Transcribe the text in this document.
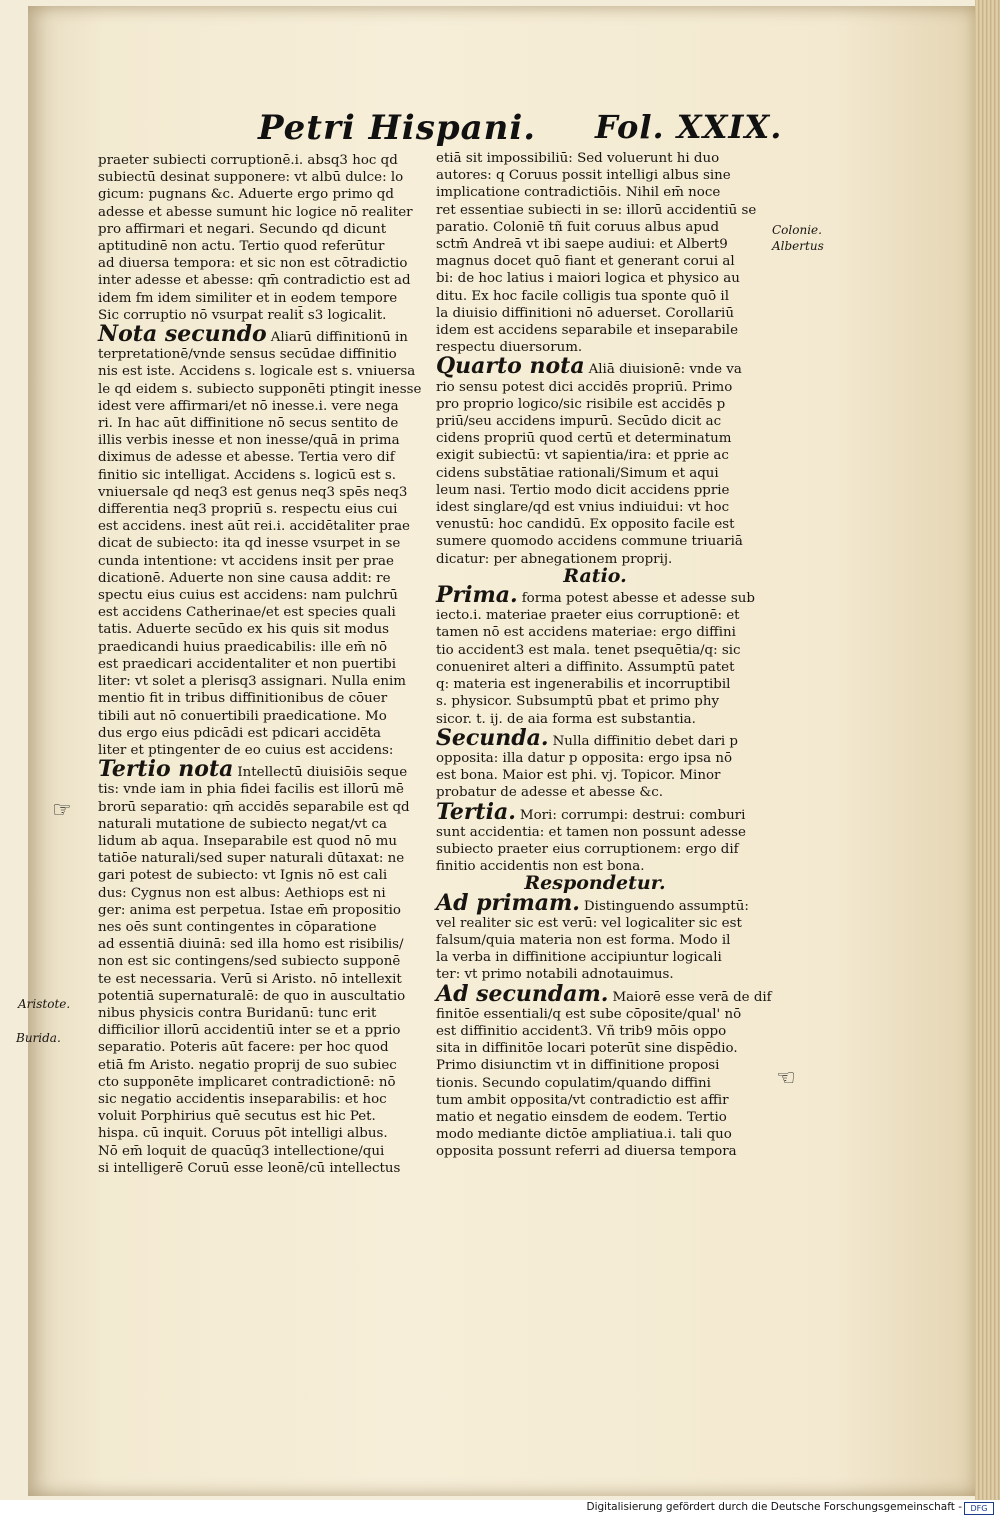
Petri Hispani. Fol. XXIX.

praeter subiecti corruptionē.i. absq3 hoc qd

subiectū desinat supponere: vt albū dulce: lo

gicum: pugnans &c. Aduerte ergo primo qd

adesse et abesse sumunt hic logice nō realiter

pro affirmari et negari. Secundo qd dicunt

aptitudinē non actu. Tertio quod referūtur

ad diuersa tempora: et sic non est cōtradictio

inter adesse et abesse: qm̄ contradictio est ad

idem fm idem similiter et in eodem tempore

Sic corruptio nō vsurpat realit̄ s3 logicalit.

Nota secundo Aliarū diffinitionū in

terpretationē/vnde sensus secūdae diffinitio

nis est iste. Accidens s. logicale est s. vniuersa

le qd eidem s. subiecto supponēti ptingit inesse

idest vere affirmari/et nō inesse.i. vere nega

ri. In hac aūt diffinitione nō secus sentito de

illis verbis inesse et non inesse/quā in prima

diximus de adesse et abesse. Tertia vero dif

finitio sic intelligat. Accidens s. logicū est s.

vniuersale qd neq3 est genus neq3 spēs neq3

differentia neq3 propriū s. respectu eius cui

est accidens. inest aūt rei.i. accidētaliter prae

dicat de subiecto: ita qd inesse vsurpet in se

cunda intentione: vt accidens insit per prae

dicationē. Aduerte non sine causa addit: re

spectu eius cuius est accidens: nam pulchrū

est accidens Catherinae/et est species quali

tatis. Aduerte secūdo ex his quis sit modus

praedicandi huius praedicabilis: ille em̄ nō

est praedicari accidentaliter et non puertibi

liter: vt solet a plerisq3 assignari. Nulla enim

mentio fit in tribus diffinitionibus de cōuer

tibili aut nō conuertibili praedicatione. Mo

dus ergo eius pdicādi est pdicari accidēta

liter et ptingenter de eo cuius est accidens:

Tertio nota Intellectū diuisiōis seque

tis: vnde iam in phia fidei facilis est illorū mē

brorū separatio: qm̄ accidēs separabile est qd

naturali mutatione de subiecto negat/vt ca

lidum ab aqua. Inseparabile est quod nō mu

tatiōe naturali/sed super naturali dūtaxat: ne

gari potest de subiecto: vt Ignis nō est cali

dus: Cygnus non est albus: Aethiops est ni

ger: anima est perpetua. Istae em̄ propositio

nes oēs sunt contingentes in cōparatione

ad essentiā diuinā: sed illa homo est risibilis/

non est sic contingens/sed subiecto supponē

te est necessaria. Verū si Aristo. nō intellexit

potentiā supernaturalē: de quo in auscultatio

nibus physicis contra Buridanū: tunc erit

difficilior illorū accidentiū inter se et a pprio

separatio. Poteris aūt facere: per hoc quod

etiā fm Aristo. negatio proprij de suo subiec

cto supponēte implicaret contradictionē: nō

sic negatio accidentis inseparabilis: et hoc

voluit Porphirius quē secutus est hic Pet.

hispa. cū inquit. Coruus pōt intelligi albus.

Nō em̄ loquit de quacūq3 intellectione/qui

si intelligerē Coruū esse leonē/cū intellectus

etiā sit impossibiliū: Sed voluerunt hi duo

autores: q Coruus possit intelligi albus sine

implicatione contradictiōis. Nihil em̄ noce

ret essentiae subiecti in se: illorū accidentiū se

paratio. Coloniē tñ fuit coruus albus apud

sctm̄ Andreā vt ibi saepe audiui: et Albert9

magnus docet quō fiant et generant corui al

bi: de hoc latius i maiori logica et physico au

ditu. Ex hoc facile colligis tua sponte quō il

la diuisio diffinitioni nō aduerset. Corollariū

idem est accidens separabile et inseparabile

respectu diuersorum.

Quarto nota Aliā diuisionē: vnde va

rio sensu potest dici accidēs propriū. Primo

pro proprio logico/sic risibile est accidēs p

priū/seu accidens impurū. Secūdo dicit ac

cidens propriū quod certū et determinatum

exigit subiectū: vt sapientia/ira: et pprie ac

cidens substātiae rationali/Simum et aqui

leum nasi. Tertio modo dicit accidens pprie

idest singlare/qd est vnius indiuidui: vt hoc

venustū: hoc candidū. Ex opposito facile est

sumere quomodo accidens commune triuariā

dicatur: per abnegationem proprij.

Ratio.

Prima. forma potest abesse et adesse sub

iecto.i. materiae praeter eius corruptionē: et

tamen nō est accidens materiae: ergo diffini

tio accident3 est mala. tenet psequētia/q: sic

conueniret alteri a diffinito. Assumptū patet

q: materia est ingenerabilis et incorruptibil

s. physicor. Subsumptū pbat et primo phy

sicor. t. ij. de aia forma est substantia.

Secunda. Nulla diffinitio debet dari p

opposita: illa datur p opposita: ergo ipsa nō

est bona. Maior est phi. vj. Topicor. Minor

probatur de adesse et abesse &c.

Tertia. Mori: corrumpi: destrui: comburi

sunt accidentia: et tamen non possunt adesse

subiecto praeter eius corruptionem: ergo dif

finitio accidentis non est bona.

Respondetur.

Ad primam. Distinguendo assumptū:

vel realiter sic est verū: vel logicaliter sic est

falsum/quia materia non est forma. Modo il

la verba in diffinitione accipiuntur logicali

ter: vt primo notabili adnotauimus.

Ad secundam. Maiorē esse verā de dif

finitōe essentiali/q est sube cōposite/qual' nō

est diffinitio accident3. Vñ trib9 mōis oppo

sita in diffinitōe locari poterūt sine dispēdio.

Primo disiunctim vt in diffinitione proposi

tionis. Secundo copulatim/quando diffini

tum ambit opposita/vt contradictio est affir

matio et negatio einsdem de eodem. Tertio

modo mediante dictōe ampliatiua.i. tali quo

opposita possunt referri ad diuersa tempora

Colonie.
Albertus
Aristote.
Burida.
☞
☞
Digitalisierung gefördert durch die Deutsche Forschungsgemeinschaft -	DFG
